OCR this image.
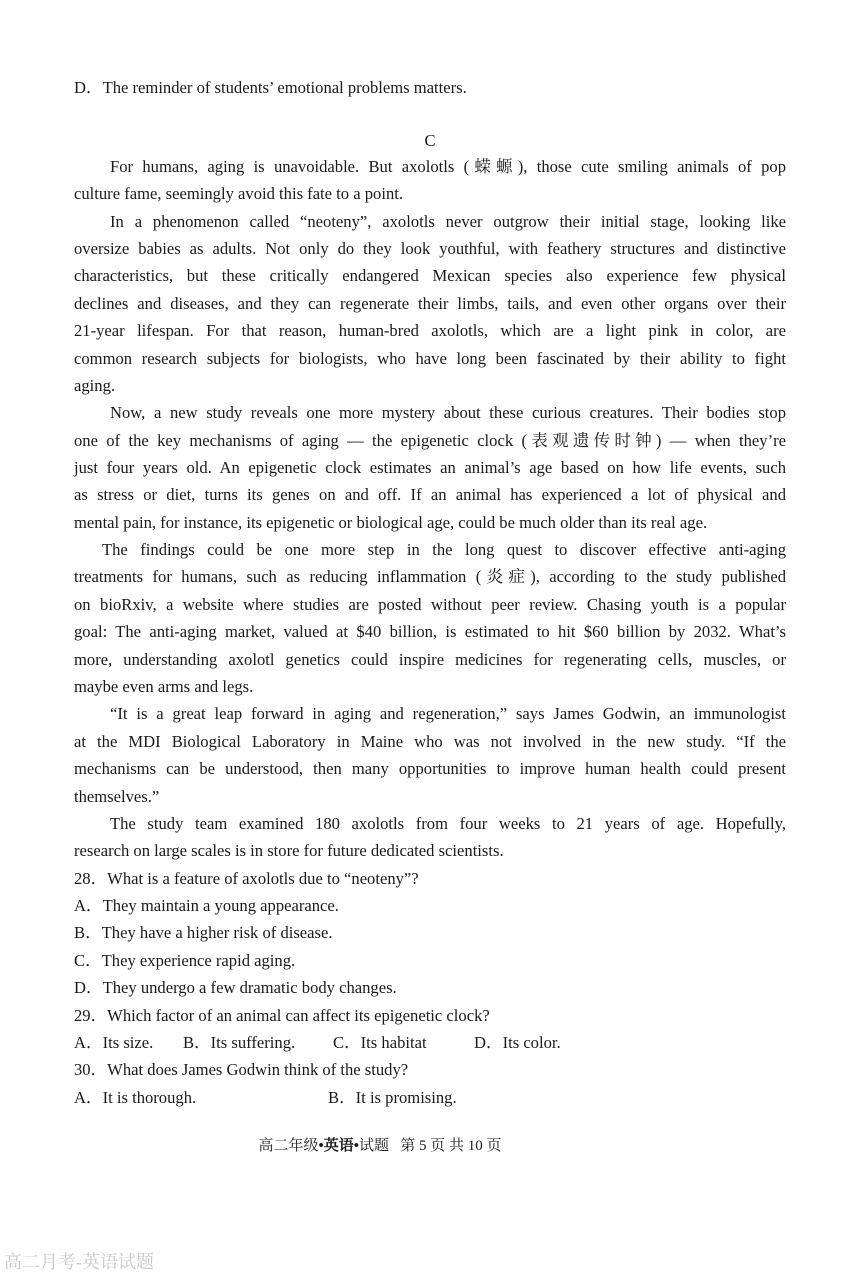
D．The reminder of students’ emotional problems matters.
C
For humans, aging is unavoidable. But axolotls (蝾螈), those cute smiling animals of pop
culture fame, seemingly avoid this fate to a point.
In a phenomenon called “neoteny”, axolotls never outgrow their initial stage, looking like
oversize babies as adults. Not only do they look youthful, with feathery structures and distinctive
characteristics, but these critically endangered Mexican species also experience few physical
declines and diseases, and they can regenerate their limbs, tails, and even other organs over their
21-year lifespan. For that reason, human-bred axolotls, which are a light pink in color, are
common research subjects for biologists, who have long been fascinated by their ability to fight
aging.
Now, a new study reveals one more mystery about these curious creatures. Their bodies stop
one of the key mechanisms of aging — the epigenetic clock (表观遗传时钟) — when they’re
just four years old. An epigenetic clock estimates an animal’s age based on how life events, such
as stress or diet, turns its genes on and off. If an animal has experienced a lot of physical and
mental pain, for instance, its epigenetic or biological age, could be much older than its real age.
The findings could be one more step in the long quest to discover effective anti-aging
treatments for humans, such as reducing inflammation (炎症), according to the study published
on bioRxiv, a website where studies are posted without peer review. Chasing youth is a popular
goal: The anti-aging market, valued at $40 billion, is estimated to hit $60 billion by 2032. What’s
more, understanding axolotl genetics could inspire medicines for regenerating cells, muscles, or
maybe even arms and legs.
“It is a great leap forward in aging and regeneration,” says James Godwin, an immunologist
at the MDI Biological Laboratory in Maine who was not involved in the new study. “If the
mechanisms can be understood, then many opportunities to improve human health could present
themselves.”
The study team examined 180 axolotls from four weeks to 21 years of age. Hopefully,
research on large scales is in store for future dedicated scientists.
28．What is a feature of axolotls due to “neoteny”?
A．They maintain a young appearance.
B．They have a higher risk of disease.
C．They experience rapid aging.
D．They undergo a few dramatic body changes.
29．Which factor of an animal can affect its epigenetic clock?
A．Its size. B．Its suffering. C．Its habitat	D．Its color.
30．What does James Godwin think of the study?
A．It is thorough.	B．It is promising.
高二年级•英语•试题 第 5 页 共 10 页
高二月考-英语试题
